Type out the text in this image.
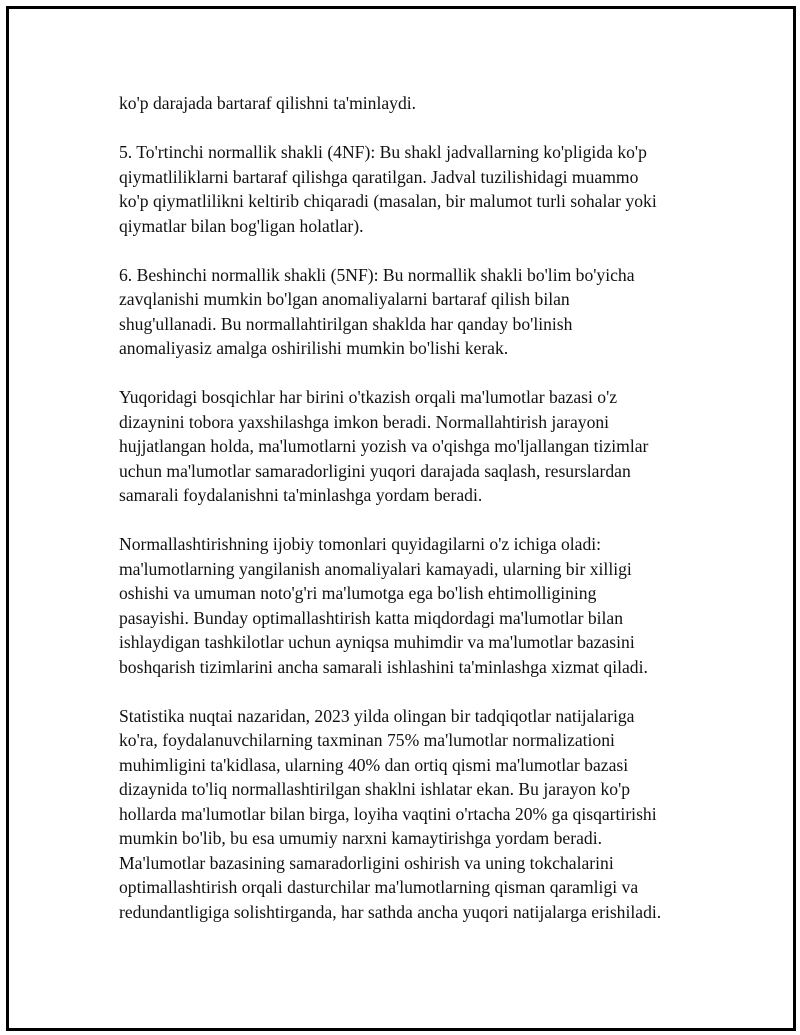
ko'p darajada bartaraf qilishni ta'minlaydi.

5. To'rtinchi normallik shakli (4NF): Bu shakl jadvallarning ko'pligida ko'p
qiymatliliklarni bartaraf qilishga qaratilgan. Jadval tuzilishidagi muammo
ko'p qiymatlilikni keltirib chiqaradi (masalan, bir malumot turli sohalar yoki
qiymatlar bilan bog'ligan holatlar).

6. Beshinchi normallik shakli (5NF): Bu normallik shakli bo'lim bo'yicha
zavqlanishi mumkin bo'lgan anomaliyalarni bartaraf qilish bilan
shug'ullanadi. Bu normallahtirilgan shaklda har qanday bo'linish
anomaliyasiz amalga oshirilishi mumkin bo'lishi kerak.

Yuqoridagi bosqichlar har birini o'tkazish orqali ma'lumotlar bazasi o'z
dizaynini tobora yaxshilashga imkon beradi. Normallahtirish jarayoni
hujjatlangan holda, ma'lumotlarni yozish va o'qishga mo'ljallangan tizimlar
uchun ma'lumotlar samaradorligini yuqori darajada saqlash, resurslardan
samarali foydalanishni ta'minlashga yordam beradi.

Normallashtirishning ijobiy tomonlari quyidagilarni o'z ichiga oladi:
ma'lumotlarning yangilanish anomaliyalari kamayadi, ularning bir xilligi
oshishi va umuman noto'g'ri ma'lumotga ega bo'lish ehtimolligining
pasayishi. Bunday optimallashtirish katta miqdordagi ma'lumotlar bilan
ishlaydigan tashkilotlar uchun ayniqsa muhimdir va ma'lumotlar bazasini
boshqarish tizimlarini ancha samarali ishlashini ta'minlashga xizmat qiladi.

Statistika nuqtai nazaridan, 2023 yilda olingan bir tadqiqotlar natijalariga
ko'ra, foydalanuvchilarning taxminan 75% ma'lumotlar normalizationi
muhimligini ta'kidlasa, ularning 40% dan ortiq qismi ma'lumotlar bazasi
dizaynida to'liq normallashtirilgan shaklni ishlatar ekan. Bu jarayon ko'p
hollarda ma'lumotlar bilan birga, loyiha vaqtini o'rtacha 20% ga qisqartirishi
mumkin bo'lib, bu esa umumiy narxni kamaytirishga yordam beradi.
Ma'lumotlar bazasining samaradorligini oshirish va uning tokchalarini
optimallashtirish orqali dasturchilar ma'lumotlarning qisman qaramligi va
redundantligiga solishtirganda, har sathda ancha yuqori natijalarga erishiladi.
